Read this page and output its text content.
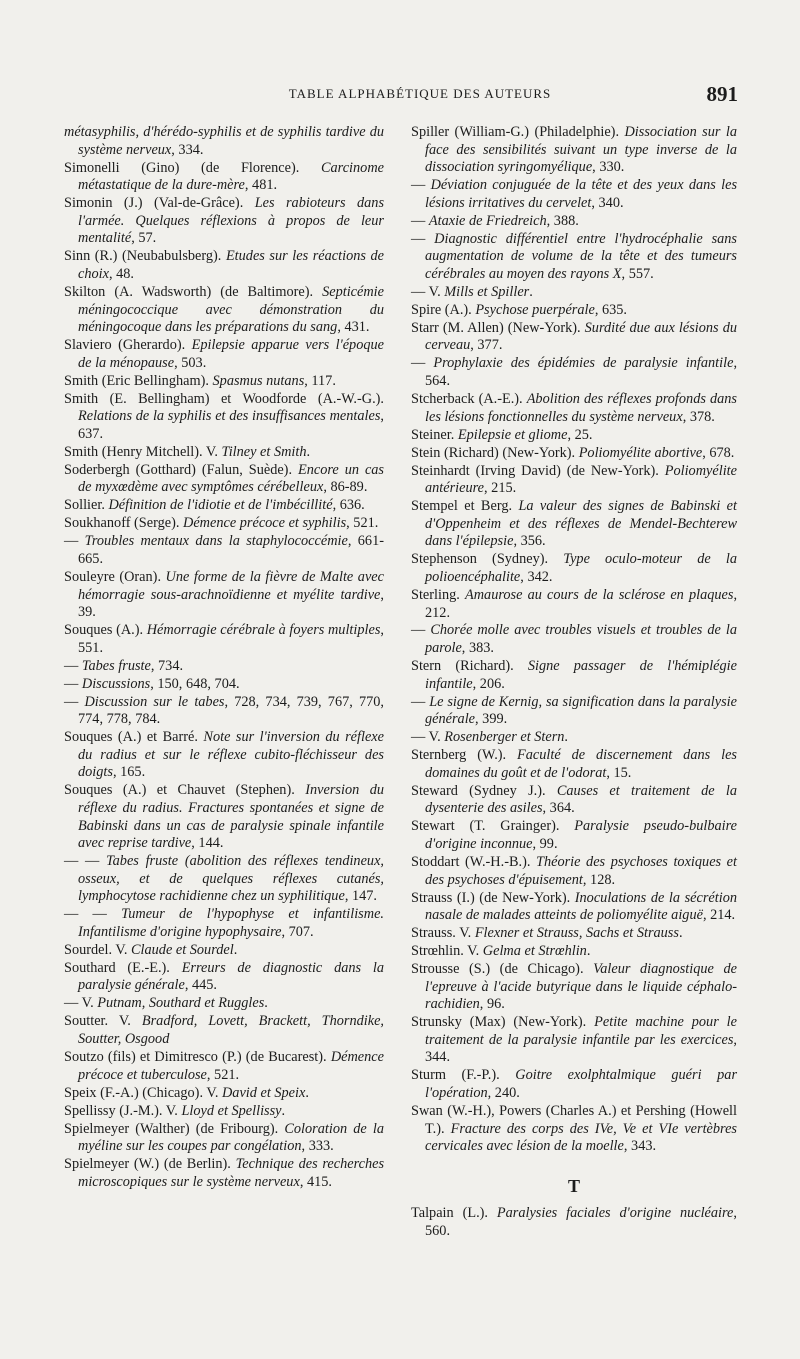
TABLE ALPHABÉTIQUE DES AUTEURS	891
métasyphilis, d'hérédo-syphilis et de syphilis tardive du système nerveux, 334.
Simonelli (Gino) (de Florence). Carcinome métastatique de la dure-mère, 481.
Simonin (J.) (Val-de-Grâce). Les rabioteurs dans l'armée. Quelques réflexions à propos de leur mentalité, 57.
Sinn (R.) (Neubabulsberg). Etudes sur les réactions de choix, 48.
Skilton (A. Wadsworth) (de Baltimore). Septicémie méningococcique avec démonstration du méningocoque dans les préparations du sang, 431.
Slaviero (Gherardo). Epilepsie apparue vers l'époque de la ménopause, 503.
Smith (Eric Bellingham). Spasmus nutans, 117.
Smith (E. Bellingham) et Woodforde (A.-W.-G.). Relations de la syphilis et des insuffisances mentales, 637.
Smith (Henry Mitchell). V. Tilney et Smith.
Soderbergh (Gotthard) (Falun, Suède). Encore un cas de myxœdème avec symptômes cérébelleux, 86-89.
Sollier. Définition de l'idiotie et de l'imbécillité, 636.
Soukhanoff (Serge). Démence précoce et syphilis, 521.
— Troubles mentaux dans la staphylococcémie, 661-665.
Souleyre (Oran). Une forme de la fièvre de Malte avec hémorragie sous-arachnoïdienne et myélite tardive, 39.
Souques (A.). Hémorragie cérébrale à foyers multiples, 551.
— Tabes fruste, 734.
— Discussions, 150, 648, 704.
— Discussion sur le tabes, 728, 734, 739, 767, 770, 774, 778, 784.
Souques (A.) et Barré. Note sur l'inversion du réflexe du radius et sur le réflexe cubito-fléchisseur des doigts, 165.
Souques (A.) et Chauvet (Stephen). Inversion du réflexe du radius. Fractures spontanées et signe de Babinski dans un cas de paralysie spinale infantile avec reprise tardive, 144.
— — Tabes fruste (abolition des réflexes tendineux, osseux, et de quelques réflexes cutanés, lymphocytose rachidienne chez un syphilitique, 147.
— — Tumeur de l'hypophyse et infantilisme. Infantilisme d'origine hypophysaire, 707.
Sourdel. V. Claude et Sourdel.
Southard (E.-E.). Erreurs de diagnostic dans la paralysie générale, 445.
— V. Putnam, Southard et Ruggles.
Soutter. V. Bradford, Lovett, Brackett, Thorndike, Soutter, Osgood
Soutzo (fils) et Dimitresco (P.) (de Bucarest). Démence précoce et tuberculose, 521.
Speix (F.-A.) (Chicago). V. David et Speix.
Spellissy (J.-M.). V. Lloyd et Spellissy.
Spielmeyer (Walther) (de Fribourg). Coloration de la myéline sur les coupes par congélation, 333.
Spielmeyer (W.) (de Berlin). Technique des recherches microscopiques sur le système nerveux, 415.
Spiller (William-G.) (Philadelphie). Dissociation sur la face des sensibilités suivant un type inverse de la dissociation syringomyélique, 330.
— Déviation conjuguée de la tête et des yeux dans les lésions irritatives du cervelet, 340.
— Ataxie de Friedreich, 388.
— Diagnostic différentiel entre l'hydrocéphalie sans augmentation de volume de la tête et des tumeurs cérébrales au moyen des rayons X, 557.
— V. Mills et Spiller.
Spire (A.). Psychose puerpérale, 635.
Starr (M. Allen) (New-York). Surdité due aux lésions du cerveau, 377.
— Prophylaxie des épidémies de paralysie infantile, 564.
Stcherback (A.-E.). Abolition des réflexes profonds dans les lésions fonctionnelles du système nerveux, 378.
Steiner. Epilepsie et gliome, 25.
Stein (Richard) (New-York). Poliomyélite abortive, 678.
Steinhardt (Irving David) (de New-York). Poliomyélite antérieure, 215.
Stempel et Berg. La valeur des signes de Babinski et d'Oppenheim et des réflexes de Mendel-Bechterew dans l'épilepsie, 356.
Stephenson (Sydney). Type oculo-moteur de la polioencéphalite, 342.
Sterling. Amaurose au cours de la sclérose en plaques, 212.
— Chorée molle avec troubles visuels et troubles de la parole, 383.
Stern (Richard). Signe passager de l'hémiplégie infantile, 206.
— Le signe de Kernig, sa signification dans la paralysie générale, 399.
— V. Rosenberger et Stern.
Sternberg (W.). Faculté de discernement dans les domaines du goût et de l'odorat, 15.
Steward (Sydney J.). Causes et traitement de la dysenterie des asiles, 364.
Stewart (T. Grainger). Paralysie pseudo-bulbaire d'origine inconnue, 99.
Stoddart (W.-H.-B.). Théorie des psychoses toxiques et des psychoses d'épuisement, 128.
Strauss (I.) (de New-York). Inoculations de la sécrétion nasale de malades atteints de poliomyélite aiguë, 214.
Strauss. V. Flexner et Strauss, Sachs et Strauss.
Strœhlin. V. Gelma et Strœhlin.
Strousse (S.) (de Chicago). Valeur diagnostique de l'epreuve à l'acide butyrique dans le liquide céphalo-rachidien, 96.
Strunsky (Max) (New-York). Petite machine pour le traitement de la paralysie infantile par les exercices, 344.
Sturm (F.-P.). Goitre exolphtalmique guéri par l'opération, 240.
Swan (W.-H.), Powers (Charles A.) et Pershing (Howell T.). Fracture des corps des IVe, Ve et VIe vertèbres cervicales avec lésion de la moelle, 343.
T
Talpain (L.). Paralysies faciales d'origine nucléaire, 560.
